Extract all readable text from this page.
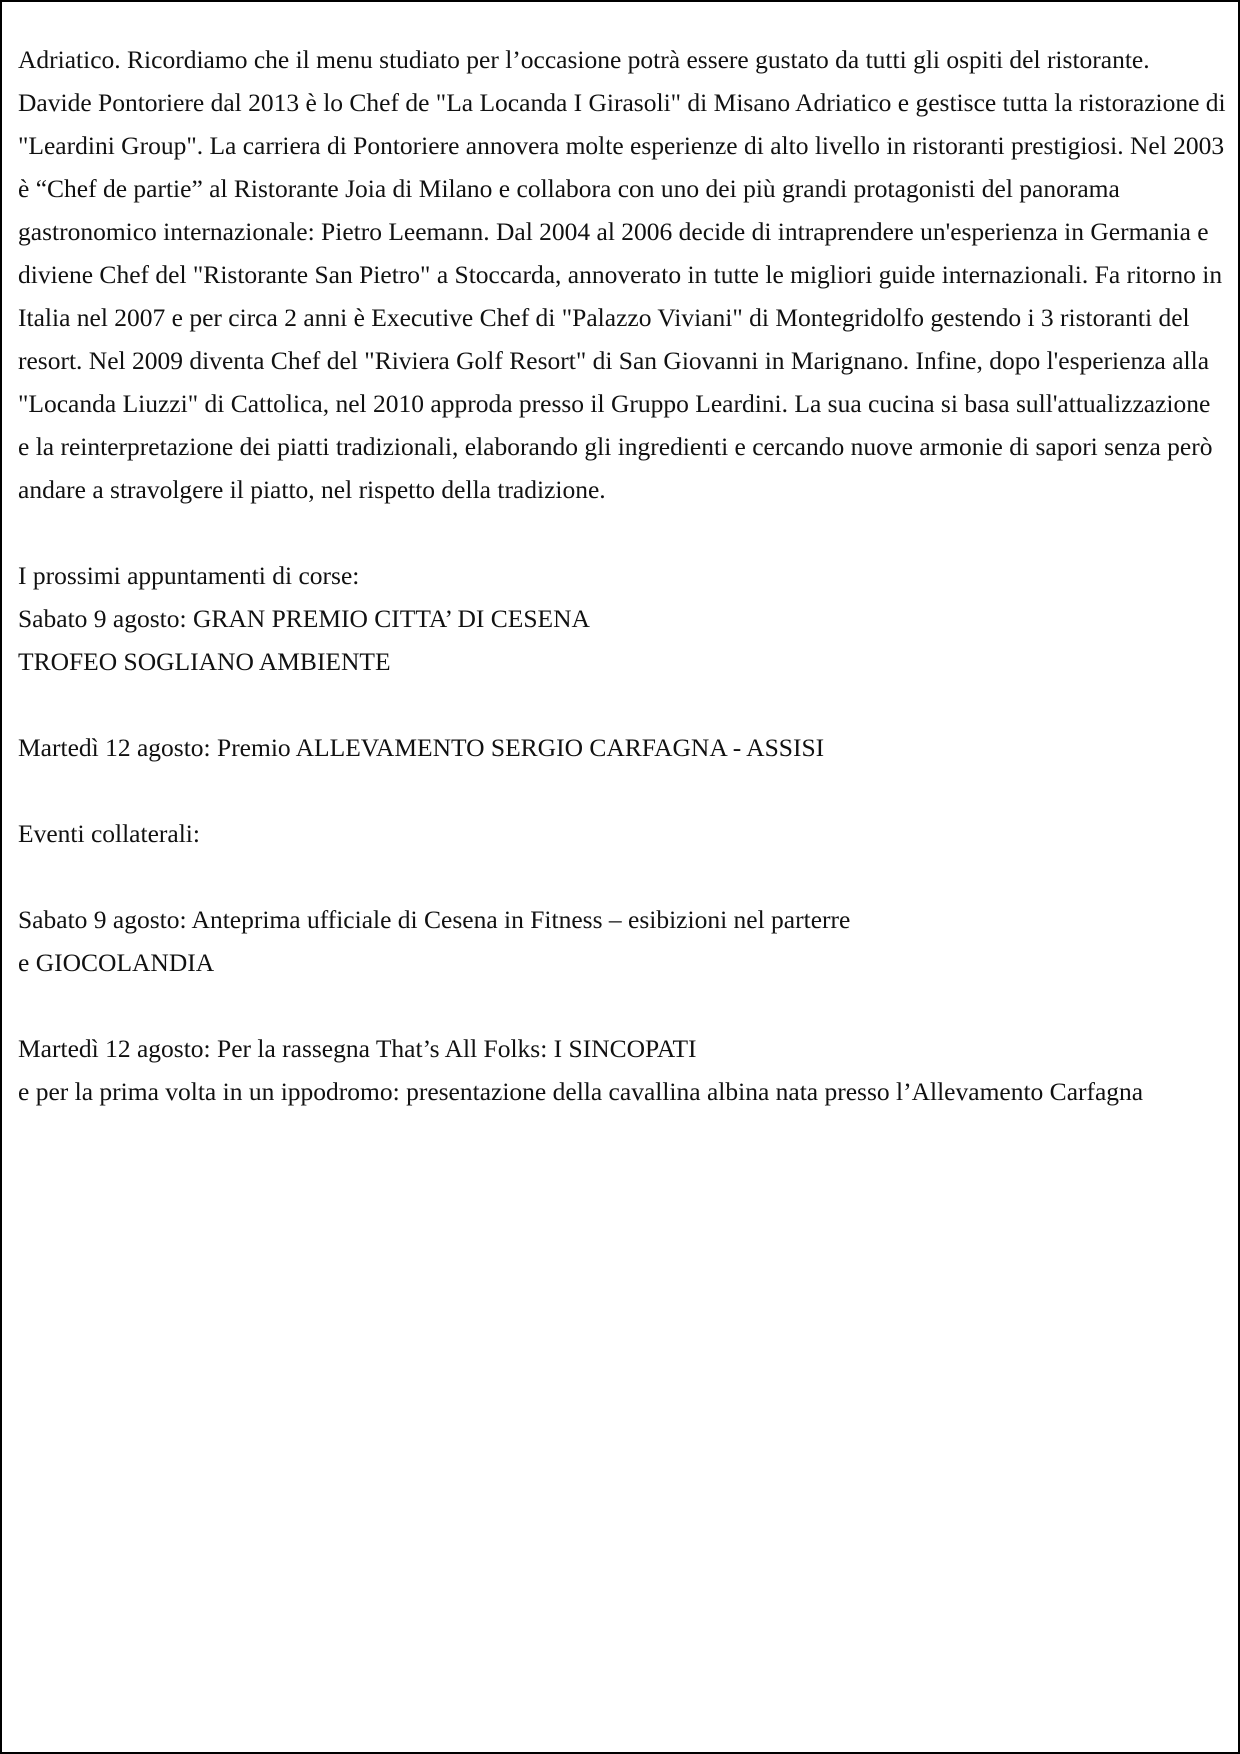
Adriatico. Ricordiamo che il menu studiato per l’occasione potrà essere gustato da tutti gli ospiti del ristorante.

Davide Pontoriere dal 2013 è lo Chef de "La Locanda I Girasoli" di Misano Adriatico e gestisce tutta la ristorazione di "Leardini Group". La carriera di Pontoriere annovera molte esperienze di alto livello in ristoranti prestigiosi. Nel 2003 è “Chef de partie” al Ristorante Joia di Milano e collabora con uno dei più grandi protagonisti del panorama gastronomico internazionale: Pietro Leemann. Dal 2004 al 2006 decide di intraprendere un'esperienza in Germania e diviene Chef del "Ristorante San Pietro" a Stoccarda, annoverato in tutte le migliori guide internazionali. Fa ritorno in Italia nel 2007 e per circa 2 anni è Executive Chef di "Palazzo Viviani" di Montegridolfo gestendo i 3 ristoranti del resort. Nel 2009 diventa Chef del "Riviera Golf Resort" di San Giovanni in Marignano. Infine, dopo l'esperienza alla "Locanda Liuzzi" di Cattolica, nel 2010 approda presso il Gruppo Leardini. La sua cucina si basa sull'attualizzazione e la reinterpretazione dei piatti tradizionali, elaborando gli ingredienti e cercando nuove armonie di sapori senza però andare a stravolgere il piatto, nel rispetto della tradizione.

I prossimi appuntamenti di corse:

Sabato 9 agosto: GRAN PREMIO CITTA’ DI CESENA

TROFEO SOGLIANO AMBIENTE

Martedì 12 agosto: Premio ALLEVAMENTO SERGIO CARFAGNA - ASSISI

Eventi collaterali:

Sabato 9 agosto: Anteprima ufficiale di Cesena in Fitness – esibizioni nel parterre

e GIOCOLANDIA

Martedì 12 agosto: Per la rassegna That’s All Folks: I SINCOPATI

e per la prima volta in un ippodromo: presentazione della cavallina albina nata presso l’Allevamento Carfagna
